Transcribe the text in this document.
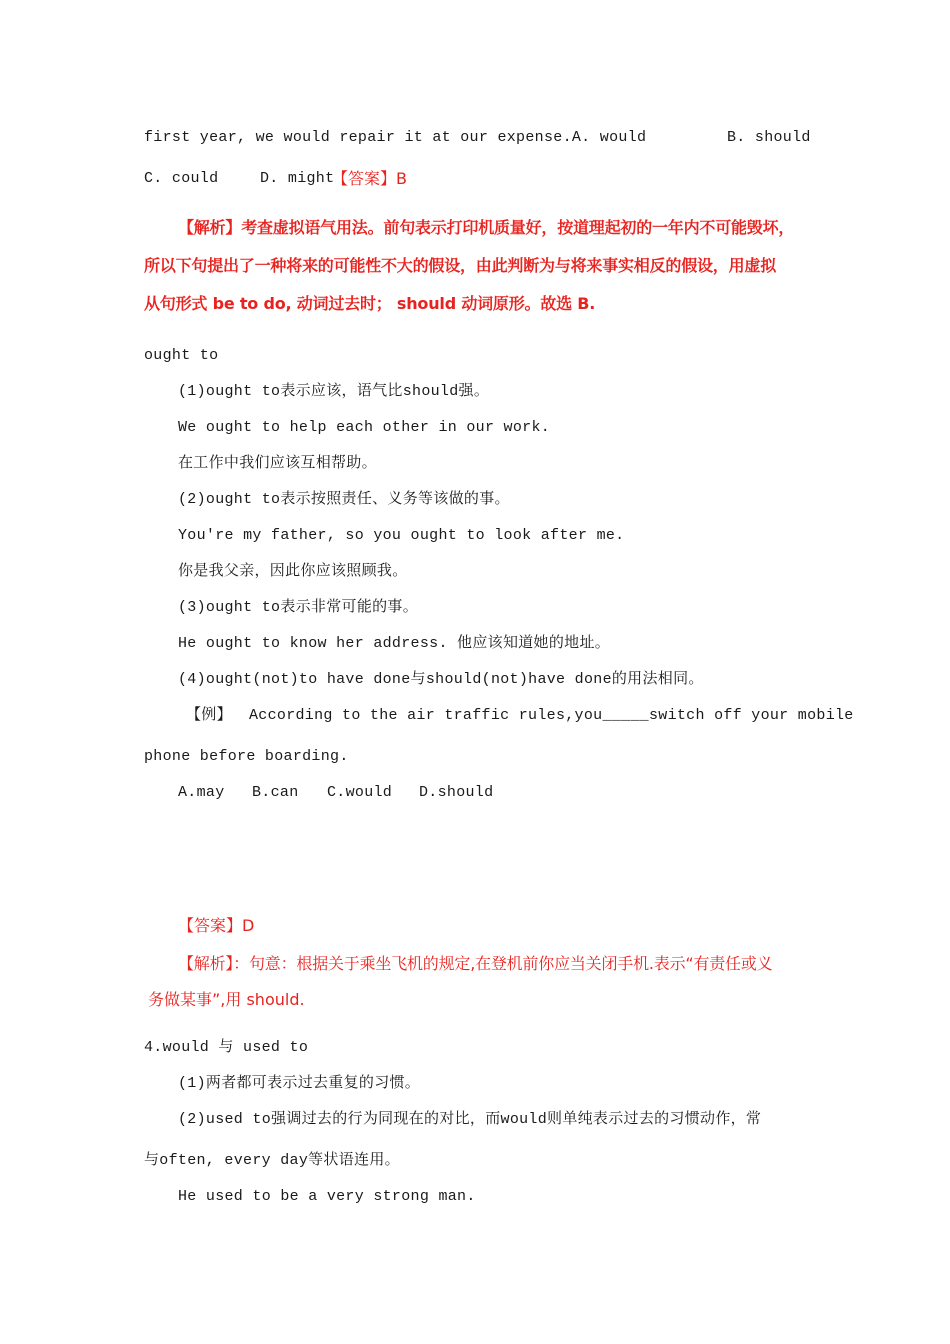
first year, we would repair it at our expense.A. would	B. should
C. could	D. might
【答案】B
【解析】考查虚拟语气用法。前句表示打印机质量好，按道理起初的一年内不可能毁坏，
所以下句提出了一种将来的可能性不大的假设，由此判断为与将来事实相反的假设，用虚拟
从句形式 be to do, 动词过去时； should 动词原形。故选 B.
ought to
(1)ought to表示应该，语气比should强。
We ought to help each other in our work.
在工作中我们应该互相帮助。
(2)ought to表示按照责任、义务等该做的事。
You're my father, so you ought to look after me.
你是我父亲，因此你应该照顾我。
(3)ought to表示非常可能的事。
He ought to know her address. 他应该知道她的地址。
(4)ought(not)to have done与should(not)have done的用法相同。
【例】 According to the air traffic rules,you_____switch off your mobile
phone before boarding.
A.may B.can C.would D.should
【答案】D
【解析】：句意：根据关于乘坐飞机的规定,在登机前你应当关闭手机.表示“有责任或义
务做某事”,用 should.
4.would 与 used to
(1)两者都可表示过去重复的习惯。
(2)used to强调过去的行为同现在的对比，而would则单纯表示过去的习惯动作，常
与often, every day等状语连用。
He used to be a very strong man.
